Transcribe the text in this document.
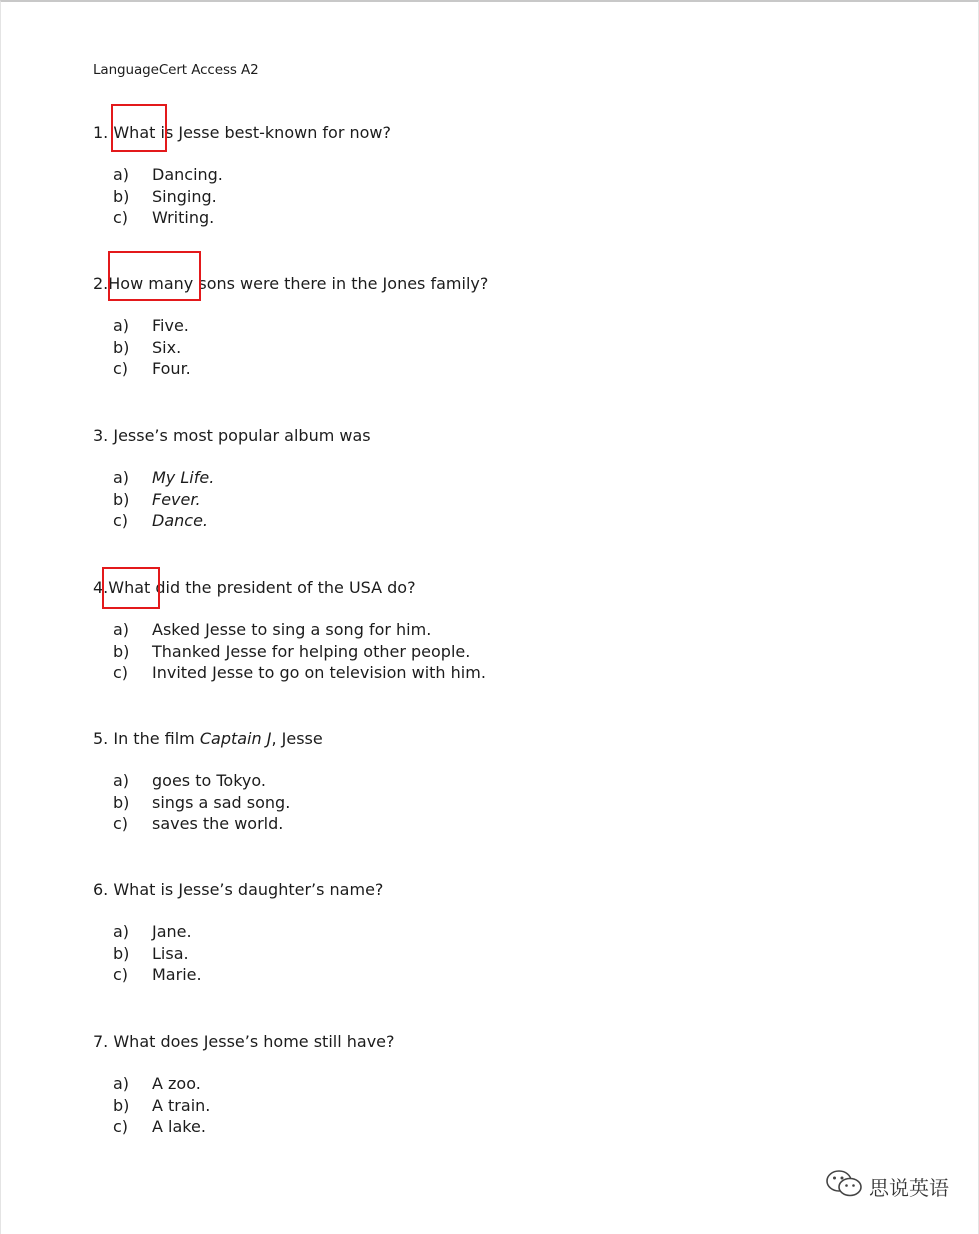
LanguageCert Access A2
1. What is Jesse best-known for now?
a) Dancing.
b) Singing.
c) Writing.
2.How many sons were there in the Jones family?
a) Five.
b) Six.
c) Four.
3. Jesse’s most popular album was
a) My Life.
b) Fever.
c) Dance.
4.What did the president of the USA do?
a) Asked Jesse to sing a song for him.
b) Thanked Jesse for helping other people.
c) Invited Jesse to go on television with him.
5. In the film Captain J, Jesse
a) goes to Tokyo.
b) sings a sad song.
c) saves the world.
6. What is Jesse’s daughter’s name?
a) Jane.
b) Lisa.
c) Marie.
7. What does Jesse’s home still have?
a) A zoo.
b) A train.
c) A lake.
思说英语
